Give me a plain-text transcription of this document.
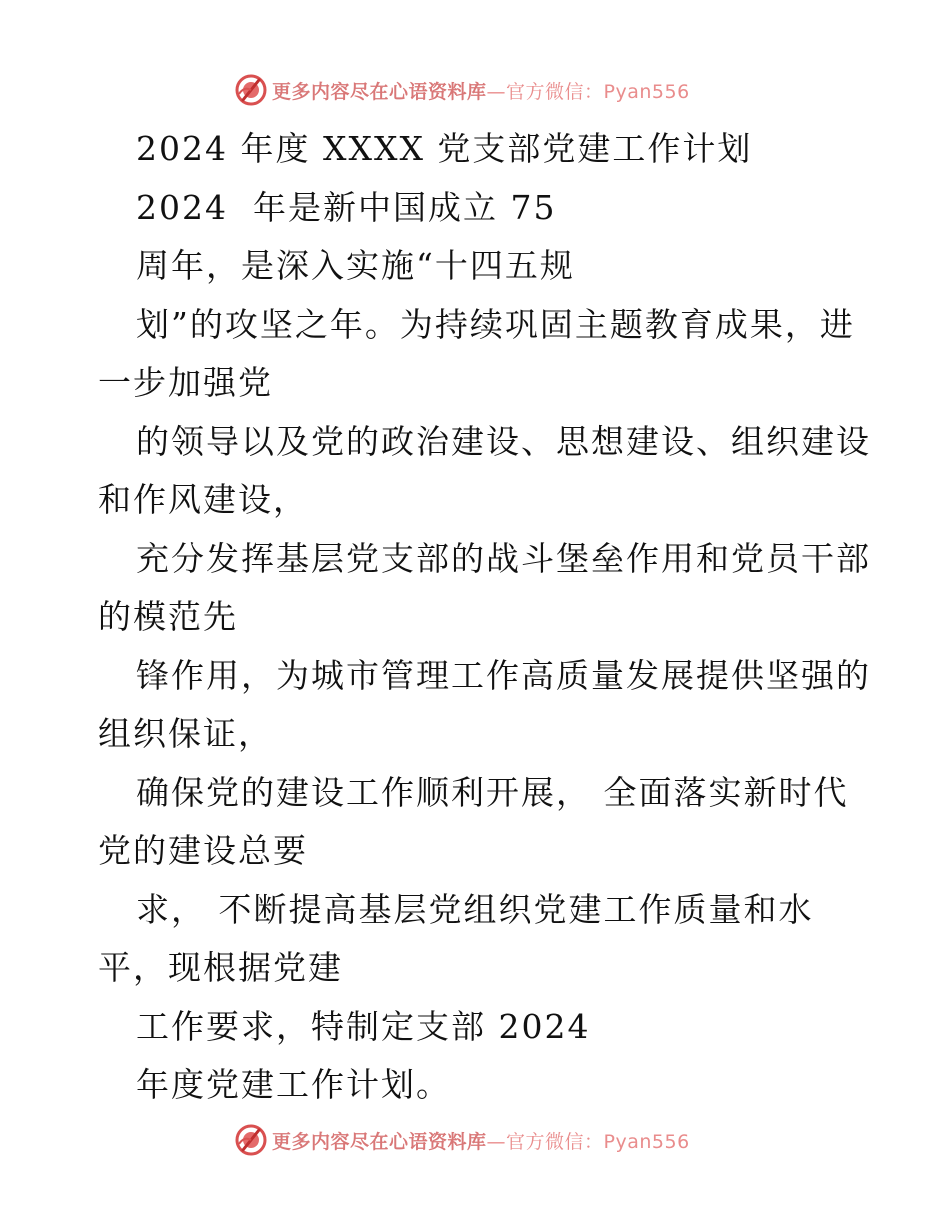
更多内容尽在心语资料库—官方微信：Pyan556
2024 年度 XXXX 党支部党建工作计划
2024  年是新中国成立 75
周年，是深入实施“十四五规
划”的攻坚之年。为持续巩固主题教育成果，进
一步加强党
的领导以及党的政治建设、思想建设、组织建设
和作风建设，
充分发挥基层党支部的战斗堡垒作用和党员干部
的模范先
锋作用，为城市管理工作高质量发展提供坚强的
组织保证，
确保党的建设工作顺利开展， 全面落实新时代
党的建设总要
求， 不断提高基层党组织党建工作质量和水
平，现根据党建
工作要求，特制定支部 2024
年度党建工作计划。
更多内容尽在心语资料库—官方微信：Pyan556
